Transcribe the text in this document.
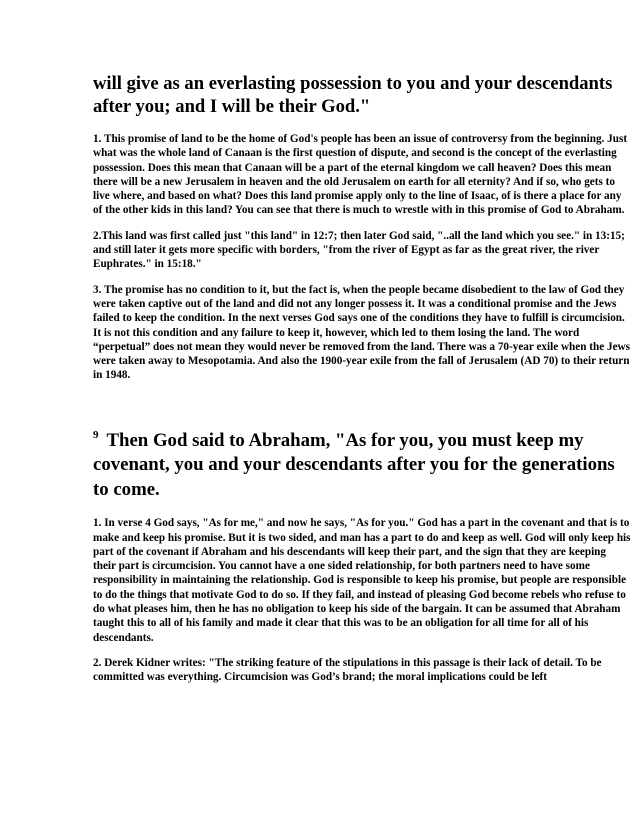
will give as an everlasting possession to you and your descendants after you; and I will be their God."

1. This promise of land to be the home of God's people has been an issue of controversy from the beginning. Just what was the whole land of Canaan is the first question of dispute, and second is the concept of the everlasting possession. Does this mean that Canaan will be a part of the eternal kingdom we call heaven? Does this mean there will be a new Jerusalem in heaven and the old Jerusalem on earth for all eternity? And if so, who gets to live where, and based on what? Does this land promise apply only to the line of Isaac, of is there a place for any of the other kids in this land? You can see that there is much to wrestle with in this promise of God to Abraham.

2.This land was first called just "this land" in 12:7; then later God said, "..all the land which you see." in 13:15; and still later it gets more specific with borders, "from the river of Egypt as far as the great river, the river Euphrates." in 15:18."

3. The promise has no condition to it, but the fact is, when the people became disobedient to the law of God they were taken captive out of the land and did not any longer possess it. It was a conditional promise and the Jews failed to keep the condition. In the next verses God says one of the conditions they have to fulfill is circumcision. It is not this condition and any failure to keep it, however, which led to them losing the land. The word “perpetual” does not mean they would never be removed from the land. There was a 70-year exile when the Jews were taken away to Mesopotamia. And also the 1900-year exile from the fall of Jerusalem (AD 70) to their return in 1948.

$^9$ Then God said to Abraham, "As for you, you must keep my covenant, you and your descendants after you for the generations to come.

1. In verse 4 God says, "As for me," and now he says, "As for you." God has a part in the covenant and that is to make and keep his promise. But it is two sided, and man has a part to do and keep as well. God will only keep his part of the covenant if Abraham and his descendants will keep their part, and the sign that they are keeping their part is circumcision. You cannot have a one sided relationship, for both partners need to have some responsibility in maintaining the relationship. God is responsible to keep his promise, but people are responsible to do the things that motivate God to do so. If they fail, and instead of pleasing God become rebels who refuse to do what pleases him, then he has no obligation to keep his side of the bargain. It can be assumed that Abraham taught this to all of his family and made it clear that this was to be an obligation for all time for all of his descendants.

2. Derek Kidner writes: "The striking feature of the stipulations in this passage is their lack of detail. To be committed was everything. Circumcision was God’s brand; the moral implications could be left
